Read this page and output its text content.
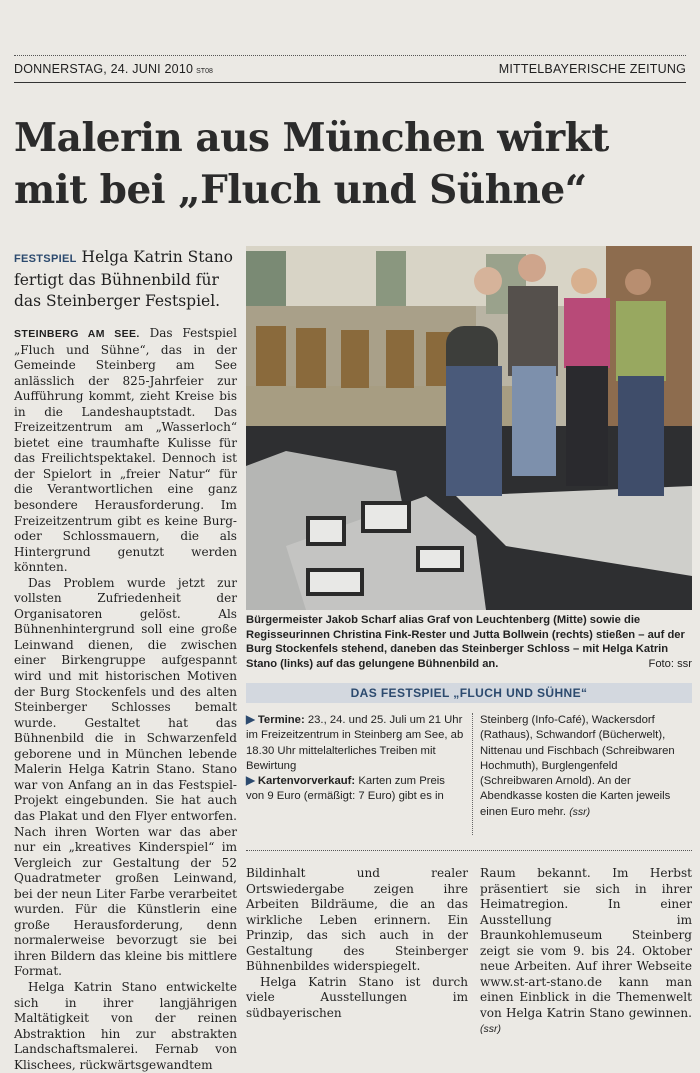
DONNERSTAG, 24. JUNI 2010 ST08	MITTELBAYERISCHE ZEITUNG
Malerin aus München wirkt mit bei „Fluch und Sühne“

FESTSPIEL Helga Katrin Stano fertigt das Bühnenbild für das Steinberger Festspiel.

STEINBERG AM SEE. Das Festspiel „Fluch und Sühne“, das in der Gemeinde Steinberg am See anlässlich der 825-Jahrfeier zur Aufführung kommt, zieht Kreise bis in die Landeshauptstadt. Das Freizeitzentrum am „Wasserloch“ bietet eine traumhafte Kulisse für das Freilichtspektakel. Dennoch ist der Spielort in „freier Natur“ für die Verantwortlichen eine ganz besondere Herausforderung. Im Freizeitzentrum gibt es keine Burg- oder Schlossmauern, die als Hintergrund genutzt werden könnten.

Das Problem wurde jetzt zur vollsten Zufriedenheit der Organisatoren gelöst. Als Bühnenhintergrund soll eine große Leinwand dienen, die zwischen einer Birkengruppe aufgespannt wird und mit historischen Motiven der Burg Stockenfels und des alten Steinberger Schlosses bemalt wurde. Gestaltet hat das Bühnenbild die in Schwarzenfeld geborene und in München lebende Malerin Helga Katrin Stano. Stano war von Anfang an in das Festspiel-Projekt eingebunden. Sie hat auch das Plakat und den Flyer entworfen. Nach ihren Worten war das aber nur ein „kreatives Kinderspiel“ im Vergleich zur Gestaltung der 52 Quadratmeter großen Leinwand, bei der neun Liter Farbe verarbeitet wurden. Für die Künstlerin eine große Herausforderung, denn normalerweise bevorzugt sie bei ihren Bildern das kleine bis mittlere Format.

Helga Katrin Stano entwickelte sich in ihrer langjährigen Maltätigkeit von der reinen Abstraktion hin zur abstrakten Landschaftsmalerei. Fernab von Klischees, rückwärtsgewandtem

Bürgermeister Jakob Scharf alias Graf von Leuchtenberg (Mitte) sowie die Regisseurinnen Christina Fink-Rester und Jutta Bollwein (rechts) stießen – auf der Burg Stockenfels stehend, daneben das Steinberger Schloss – mit Helga Katrin Stano (links) auf das gelungene Bühnenbild an.	Foto: ssr
DAS FESTSPIEL „FLUCH UND SÜHNE“
▶ Termine: 23., 24. und 25. Juli um 21 Uhr im Freizeitzentrum in Steinberg am See, ab 18.30 Uhr mittelalterliches Treiben mit Bewirtung
▶ Kartenvorverkauf: Karten zum Preis von 9 Euro (ermäßigt: 7 Euro) gibt es in
Steinberg (Info-Café), Wackersdorf (Rathaus), Schwandorf (Bücherwelt), Nittenau und Fischbach (Schreibwaren Hochmuth), Burglengenfeld (Schreibwaren Arnold). An der Abendkasse kosten die Karten jeweils einen Euro mehr. (ssr)

Bildinhalt und realer Ortswiedergabe zeigen ihre Arbeiten Bildräume, die an das wirkliche Leben erinnern. Ein Prinzip, das sich auch in der Gestaltung des Steinberger Bühnenbildes widerspiegelt.

Helga Katrin Stano ist durch viele Ausstellungen im südbayerischen

Raum bekannt. Im Herbst präsentiert sie sich in ihrer Heimatregion. In einer Ausstellung im Braunkohlemuseum Steinberg zeigt sie vom 9. bis 24. Oktober neue Arbeiten. Auf ihrer Webseite www.st-art-stano.de kann man einen Einblick in die Themenwelt von Helga Katrin Stano gewinnen. (ssr)
